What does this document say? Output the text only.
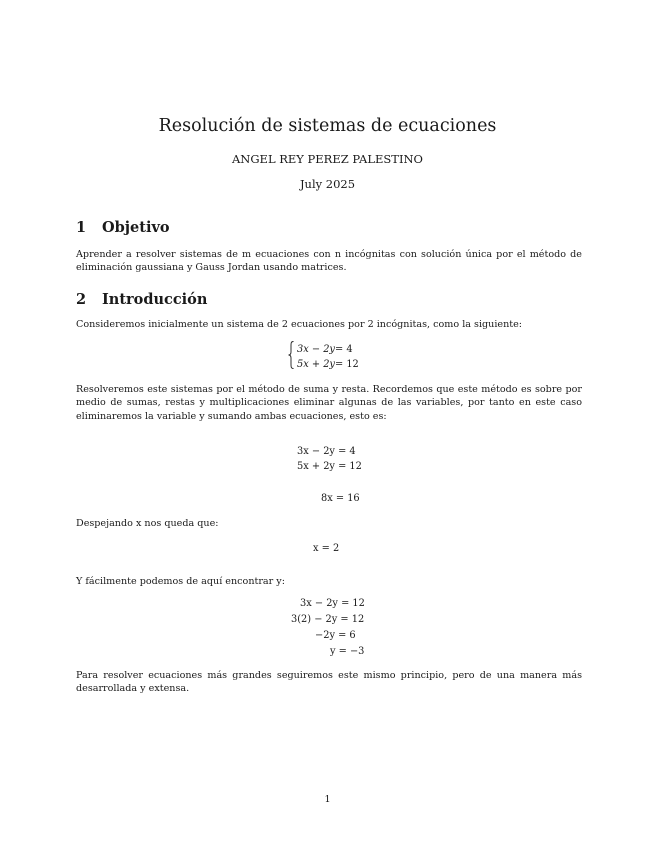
Resolución de sistemas de ecuaciones
ANGEL REY PEREZ PALESTINO
July 2025
1 Objetivo
Aprender a resolver sistemas de m ecuaciones con n incógnitas con solución única por el método de eliminación gaussiana y Gauss Jordan usando matrices.
2 Introducción
Consideremos inicialmente un sistema de 2 ecuaciones por 2 incógnitas, como la siguiente:
3x − 2y = 4
5x + 2y = 12
Resolveremos este sistemas por el método de suma y resta. Recordemos que este método es sobre por medio de sumas, restas y multiplicaciones eliminar algunas de las variables, por tanto en este caso eliminaremos la variable y sumando ambas ecuaciones, esto es:
3x − 2y = 4
5x + 2y = 12
8x = 16
Despejando x nos queda que:
x = 2
Y fácilmente podemos de aquí encontrar y:
3x − 2y = 12
3(2) − 2y = 12
−2y = 6
y = −3
Para resolver ecuaciones más grandes seguiremos este mismo principio, pero de una manera más desarrollada y extensa.
1
